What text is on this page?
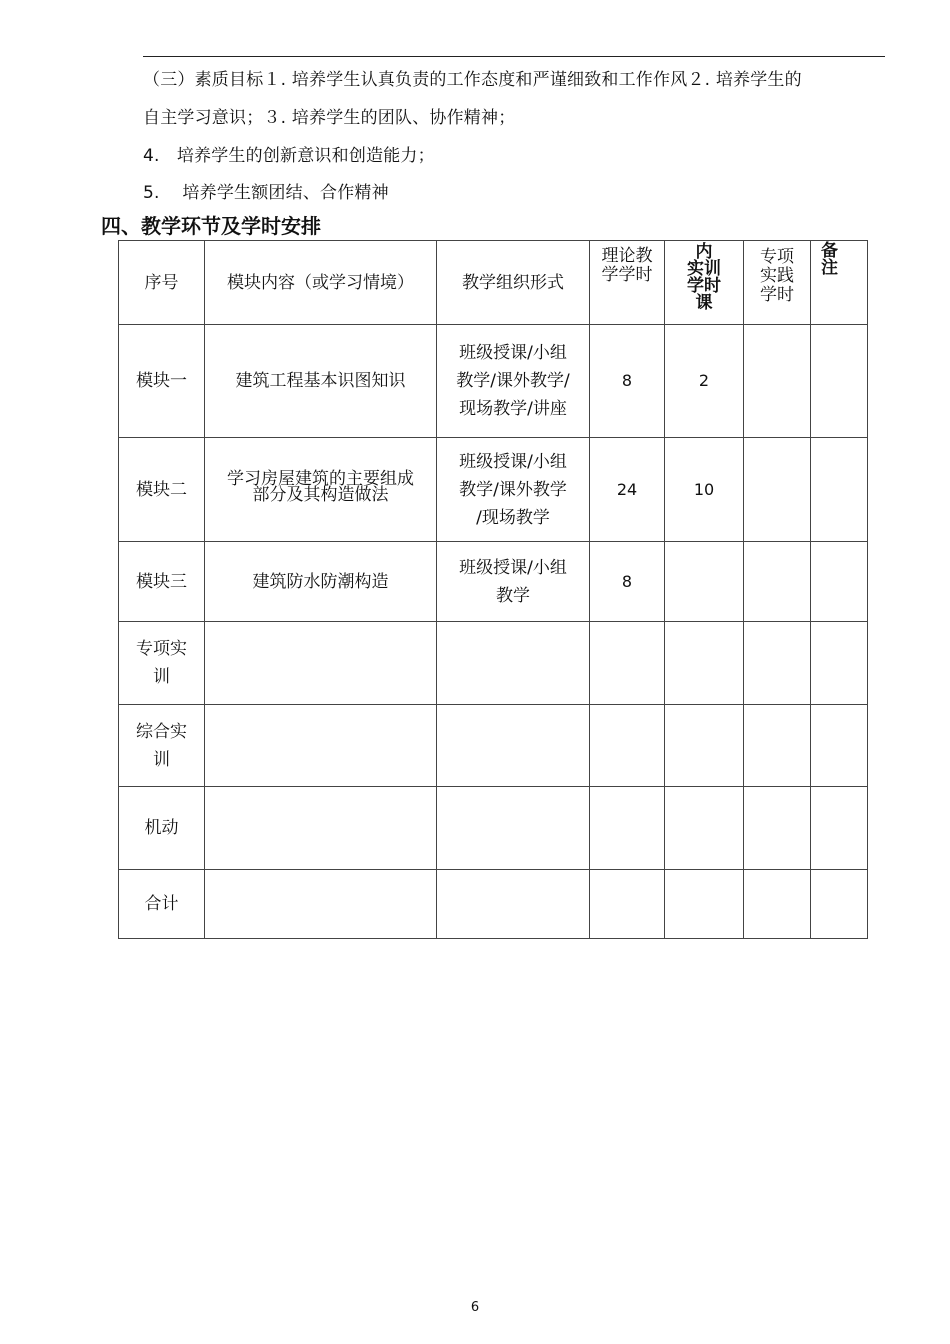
（三）素质目标１. 培养学生认真负责的工作态度和严谨细致和工作作风２. 培养学生的
自主学习意识；３. 培养学生的团队、协作精神；
4.　培养学生的创新意识和创造能力；
5.　 培养学生额团结、合作精神
四、教学环节及学时安排
序号	模块内容（或学习情境）	教学组织形式	理论教
学学时	内
实训
学时
课	专项
实践
学时	备
注
模块一	建筑工程基本识图知识	班级授课/小组
教学/课外教学/
现场教学/讲座	8	2		
模块二	学习房屋建筑的主要组成
部分及其构造做法	班级授课/小组
教学/课外教学
/现场教学	24	10		
模块三	建筑防水防潮构造	班级授课/小组
教学	8			
专项实
训						
综合实
训						
机动						
合计						
6
